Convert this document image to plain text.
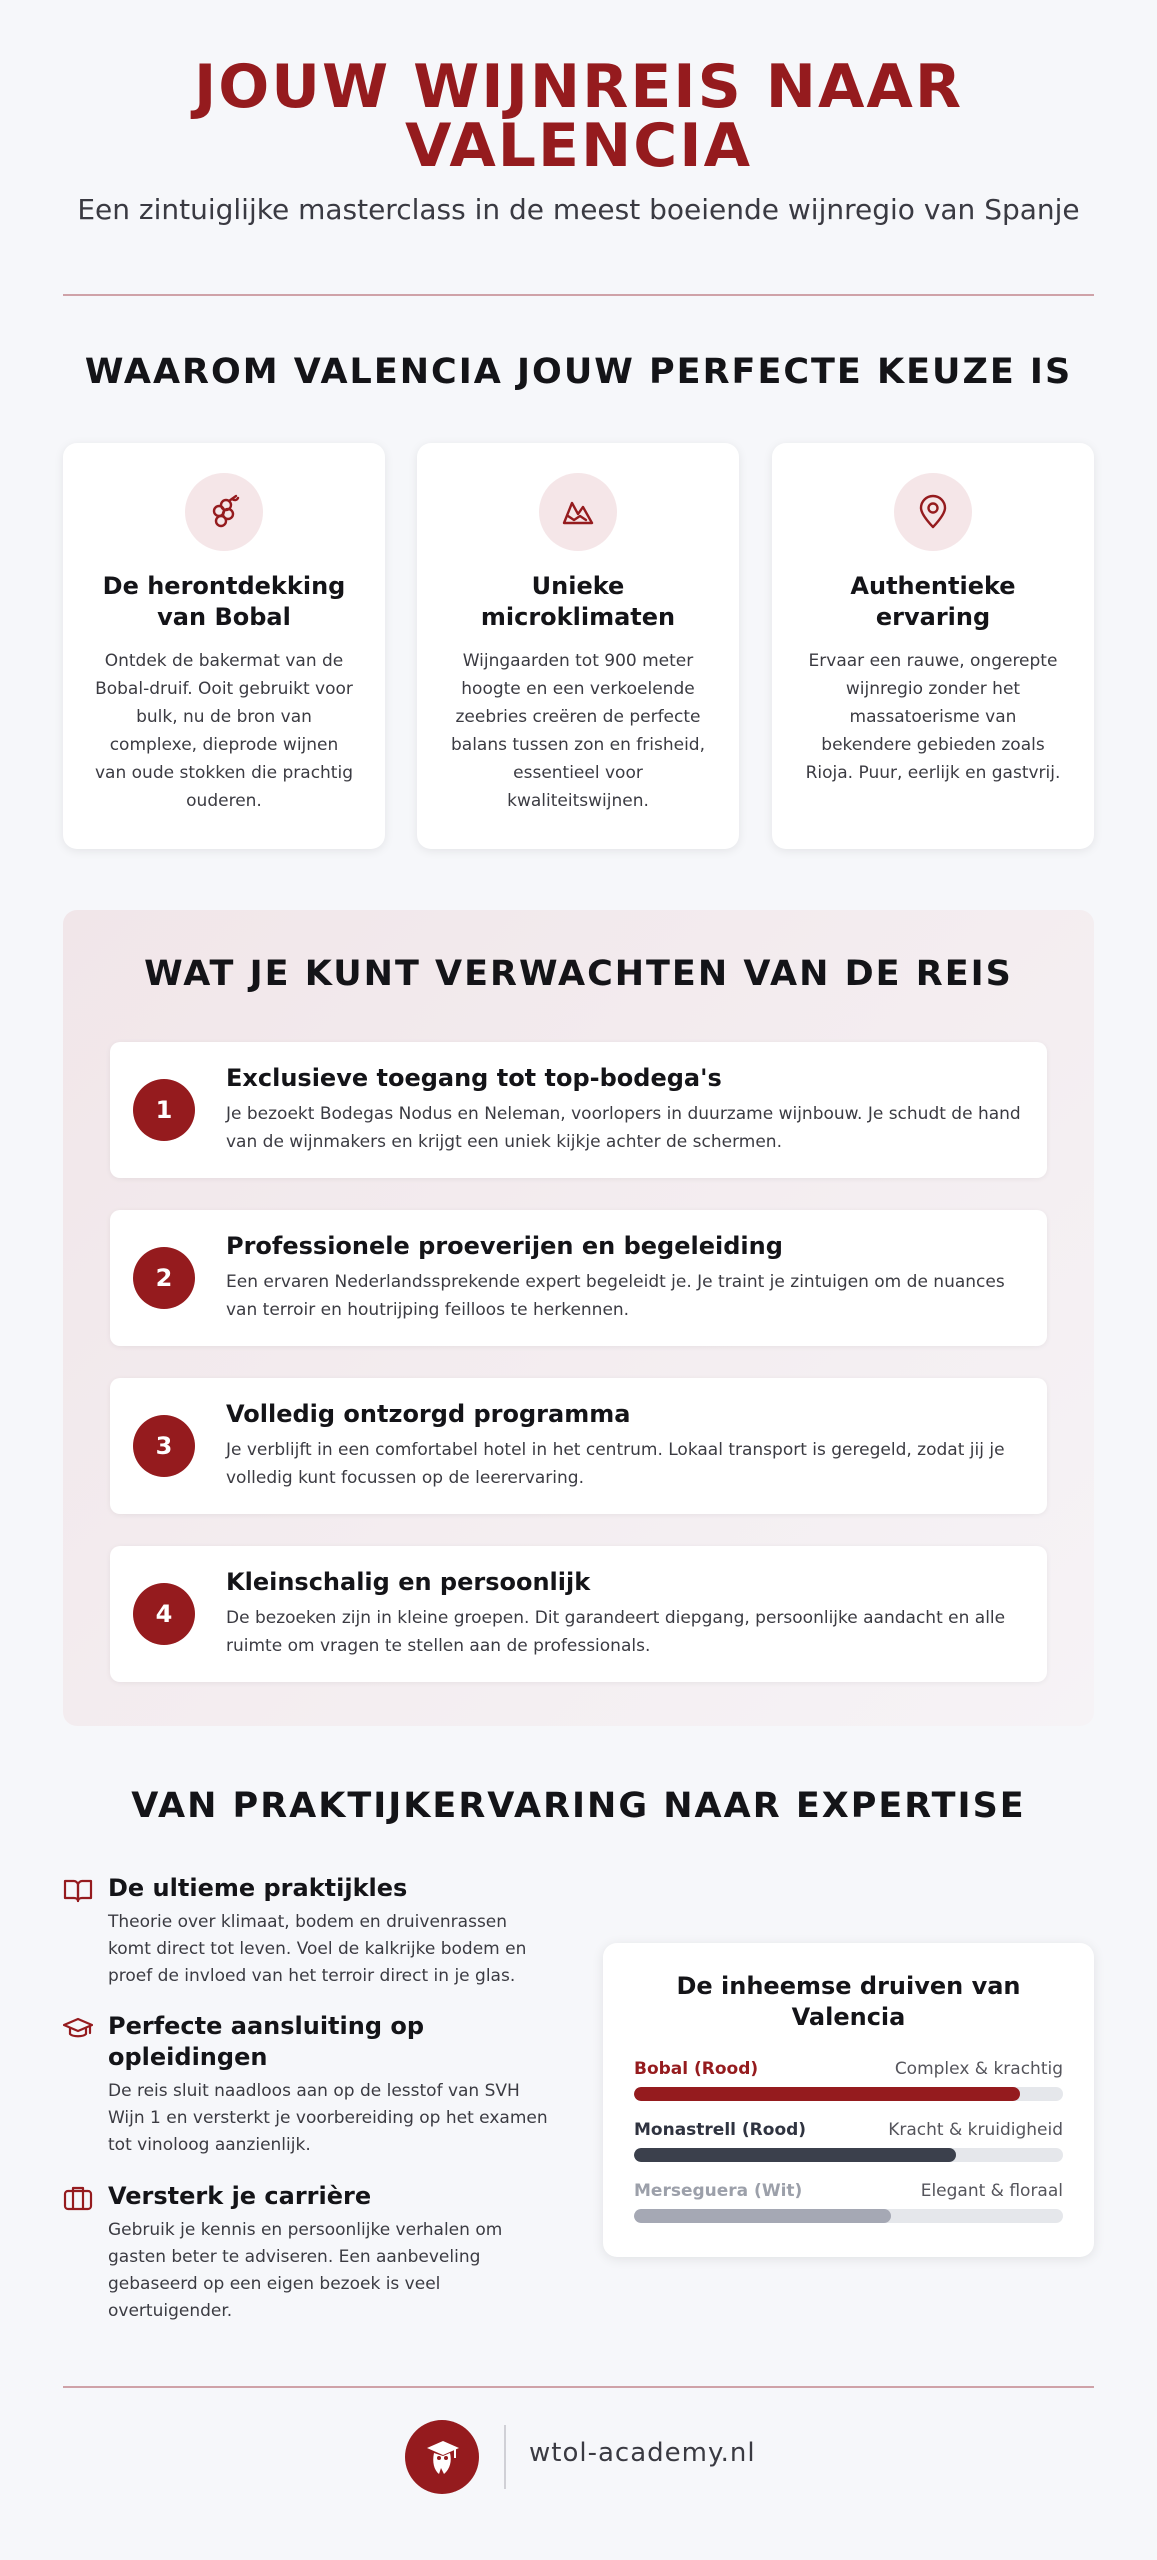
JOUW WIJNREIS NAAR VALENCIA

Een zintuiglijke masterclass in de meest boeiende wijnregio van Spanje

WAAROM VALENCIA JOUW PERFECTE KEUZE IS
De herontdekking van Bobal

Ontdek de bakermat van de Bobal-druif. Ooit gebruikt voor bulk, nu de bron van complexe, dieprode wijnen van oude stokken die prachtig ouderen.

Unieke microklimaten

Wijngaarden tot 900 meter hoogte en een verkoelende zeebries creëren de perfecte balans tussen zon en frisheid, essentieel voor kwaliteitswijnen.

Authentieke ervaring

Ervaar een rauwe, ongerepte wijnregio zonder het massatoerisme van bekendere gebieden zoals Rioja. Puur, eerlijk en gastvrij.

WAT JE KUNT VERWACHTEN VAN DE REIS
1
Exclusieve toegang tot top-bodega's

Je bezoekt Bodegas Nodus en Neleman, voorlopers in duurzame wijnbouw. Je schudt de hand van de wijnmakers en krijgt een uniek kijkje achter de schermen.

2
Professionele proeverijen en begeleiding

Een ervaren Nederlandssprekende expert begeleidt je. Je traint je zintuigen om de nuances van terroir en houtrijping feilloos te herkennen.

3
Volledig ontzorgd programma

Je verblijft in een comfortabel hotel in het centrum. Lokaal transport is geregeld, zodat jij je volledig kunt focussen op de leerervaring.

4
Kleinschalig en persoonlijk

De bezoeken zijn in kleine groepen. Dit garandeert diepgang, persoonlijke aandacht en alle ruimte om vragen te stellen aan de professionals.

VAN PRAKTIJKERVARING NAAR EXPERTISE
De ultieme praktijkles

Theorie over klimaat, bodem en druivenrassen komt direct tot leven. Voel de kalkrijke bodem en proef de invloed van het terroir direct in je glas.

Perfecte aansluiting op opleidingen

De reis sluit naadloos aan op de lesstof van SVH Wijn 1 en versterkt je voorbereiding op het examen tot vinoloog aanzienlijk.

Versterk je carrière

Gebruik je kennis en persoonlijke verhalen om gasten beter te adviseren. Een aanbeveling gebaseerd op een eigen bezoek is veel overtuigender.

De inheemse druiven van Valencia
Bobal (Rood)	Complex & krachtig
Monastrell (Rood)	Kracht & kruidigheid
Merseguera (Wit)	Elegant & floraal
wtol-academy.nl
